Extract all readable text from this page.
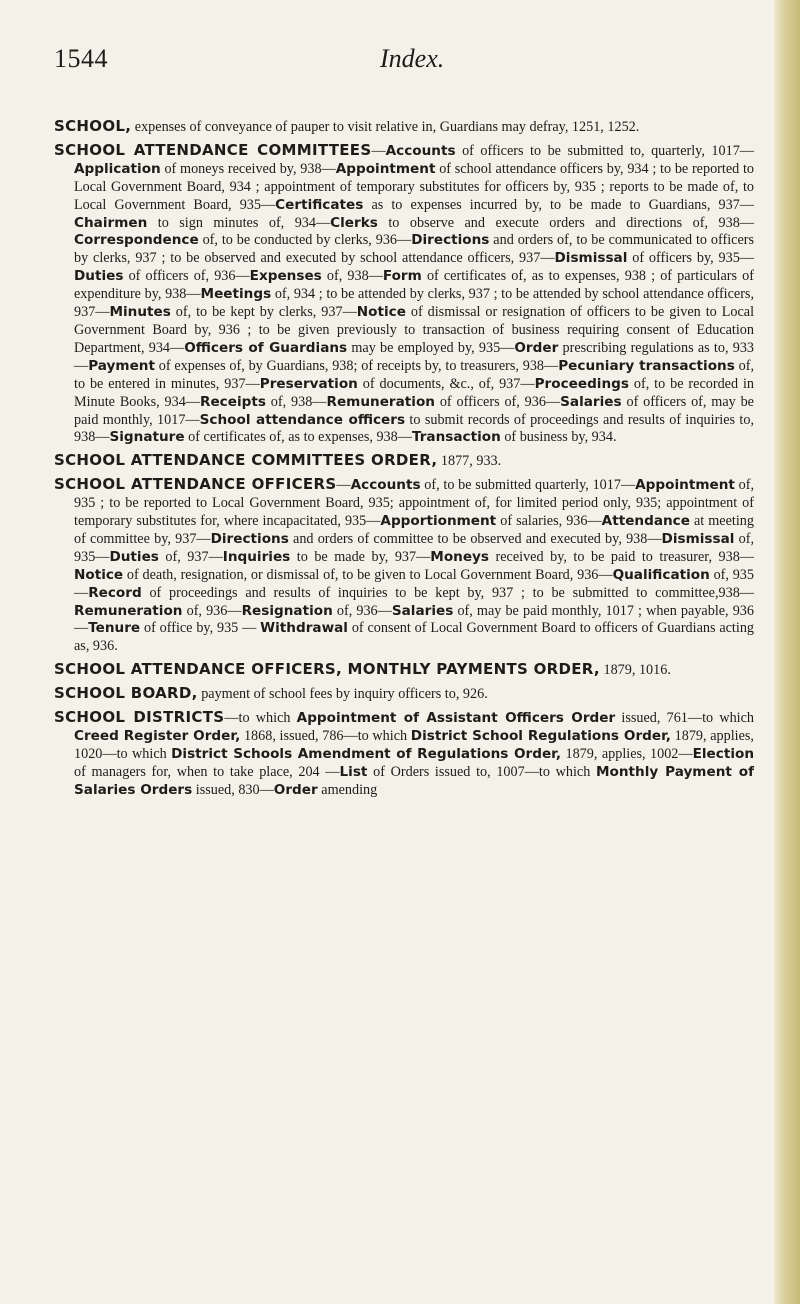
1544	Index.

SCHOOL, expenses of conveyance of pauper to visit relative in, Guardians may defray, 1251, 1252.

SCHOOL ATTENDANCE COMMITTEES—Accounts of officers to be submitted to, quarterly, 1017—Application of moneys received by, 938—Appointment of school attendance officers by, 934 ; to be reported to Local Government Board, 934 ; appointment of temporary substitutes for officers by, 935 ; reports to be made of, to Local Government Board, 935—Certificates as to expenses incurred by, to be made to Guardians, 937—Chairmen to sign minutes of, 934—Clerks to observe and execute orders and directions of, 938—Correspondence of, to be conducted by clerks, 936—Directions and orders of, to be communicated to officers by clerks, 937 ; to be observed and executed by school attendance officers, 937—Dismissal of officers by, 935—Duties of officers of, 936—Expenses of, 938—Form of certificates of, as to expenses, 938 ; of particulars of expenditure by, 938—Meetings of, 934 ; to be attended by clerks, 937 ; to be attended by school attendance officers, 937—Minutes of, to be kept by clerks, 937—Notice of dismissal or resignation of officers to be given to Local Government Board by, 936 ; to be given previously to transaction of business requiring consent of Education Department, 934—Officers of Guardians may be employed by, 935—Order prescribing regulations as to, 933—Payment of expenses of, by Guardians, 938; of receipts by, to treasurers, 938—Pecuniary transactions of, to be entered in minutes, 937—Preservation of documents, &c., of, 937—Proceedings of, to be recorded in Minute Books, 934—Receipts of, 938—Remuneration of officers of, 936—Salaries of officers of, may be paid monthly, 1017—School attendance officers to submit records of proceedings and results of inquiries to, 938—Signature of certificates of, as to expenses, 938—Transaction of business by, 934.

SCHOOL ATTENDANCE COMMITTEES ORDER, 1877, 933.

SCHOOL ATTENDANCE OFFICERS—Accounts of, to be submitted quarterly, 1017—Appointment of, 935 ; to be reported to Local Government Board, 935; appointment of, for limited period only, 935; appointment of temporary substitutes for, where incapacitated, 935—Apportionment of salaries, 936—Attendance at meeting of committee by, 937—Directions and orders of committee to be observed and executed by, 938—Dismissal of, 935—Duties of, 937—Inquiries to be made by, 937—Moneys received by, to be paid to treasurer, 938—Notice of death, resignation, or dismissal of, to be given to Local Government Board, 936—Qualification of, 935—Record of proceedings and results of inquiries to be kept by, 937 ; to be submitted to committee,938—Remuneration of, 936—Resignation of, 936—Salaries of, may be paid monthly, 1017 ; when payable, 936—Tenure of office by, 935 — Withdrawal of consent of Local Government Board to officers of Guardians acting as, 936.

SCHOOL ATTENDANCE OFFICERS, MONTHLY PAYMENTS ORDER, 1879, 1016.

SCHOOL BOARD, payment of school fees by inquiry officers to, 926.

SCHOOL DISTRICTS—to which Appointment of Assistant Officers Order issued, 761—to which Creed Register Order, 1868, issued, 786—to which District School Regulations Order, 1879, applies, 1020—to which District Schools Amendment of Regulations Order, 1879, applies, 1002—Election of managers for, when to take place, 204 —List of Orders issued to, 1007—to which Monthly Payment of Salaries Orders issued, 830—Order amending
